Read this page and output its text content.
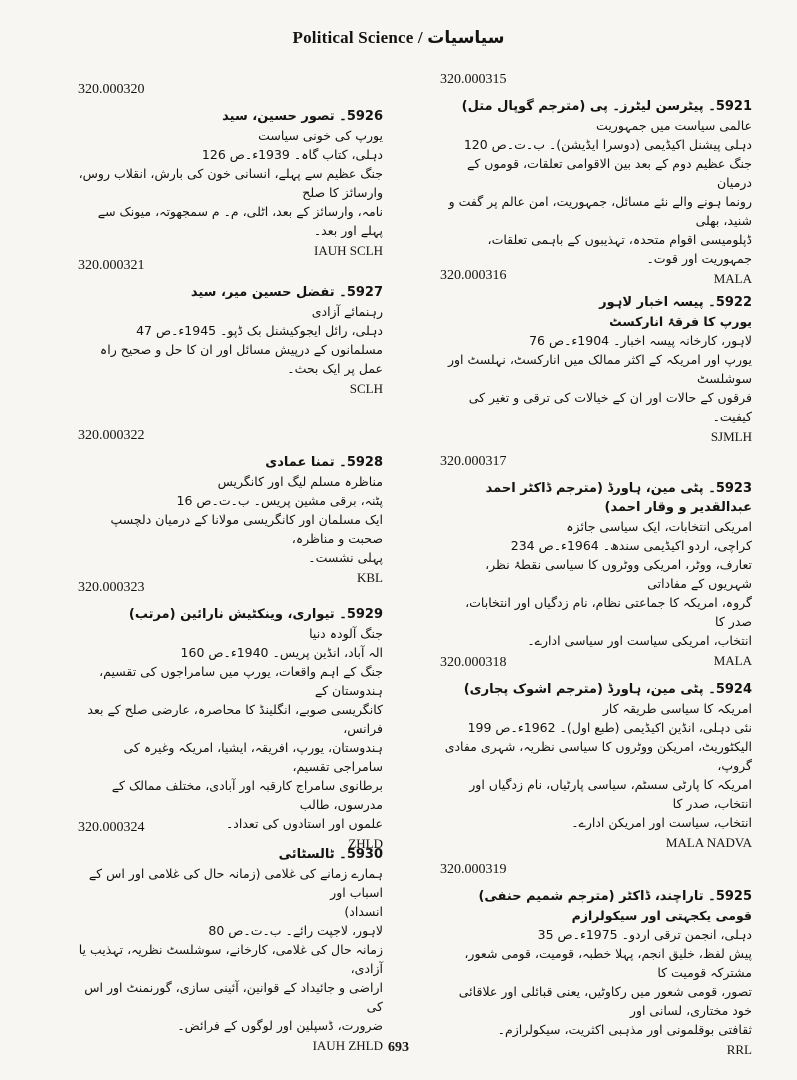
Political Science / سیاسیات
320.000315
5921۔ پیٹرسن لیٹرز۔ پی (مترجم گوپال متل)
عالمی سیاست میں جمہوریت
دہلی پیشنل اکیڈیمی (دوسرا ایڈیشن)۔ ب۔ت۔ص 120
جنگ عظیم دوم کے بعد بین الاقوامی تعلقات، قوموں کے درمیان
رونما ہونے والے نئے مسائل، جمہوریت، امن عالم پر گفت و شنید، بھلی
ڈپلومیسی اقوام متحدہ، تہذیبوں کے باہمی تعلقات، جمہوریت اور قوت۔
MALA
320.000316
5922۔ پیسہ اخبار لاہور
یورپ کا فرقۂ انارکسٹ
لاہور، کارخانہ پیسہ اخبار۔ 1904ء۔ص 76
یورپ اور امریکہ کے اکثر ممالک میں انارکسٹ، نہلسٹ اور سوشلسٹ
فرقوں کے حالات اور ان کے خیالات کی ترقی و تغیر کی کیفیت۔
SJMLH
320.000317
5923۔ پٹی مین، ہاورڈ (مترجم ڈاکٹر احمد عبدالقدیر و وقار احمد)
امریکی انتخابات، ایک سیاسی جائزہ
کراچی، اردو اکیڈیمی سندھ۔ 1964ء۔ص 234
تعارف، ووٹر، امریکی ووٹروں کا سیاسی نقطۂ نظر، شہریوں کے مفاداتی
گروہ، امریکہ کا جماعتی نظام، نام زدگیاں اور انتخابات، صدر کا
انتخاب، امریکی سیاست اور سیاسی ادارے۔
MALA
320.000318
5924۔ پٹی مین، ہاورڈ (مترجم اشوک پجاری)
امریکہ کا سیاسی طریقہ کار
نئی دہلی، انڈین اکیڈیمی (طبع اول)۔ 1962ء۔ص 199
الیکٹوریٹ، امریکن ووٹروں کا سیاسی نظریہ، شہری مفادی گروپ،
امریکہ کا پارٹی سسٹم، سیاسی پارٹیاں، نام زدگیاں اور انتخاب، صدر کا
انتخاب، سیاست اور امریکن ادارے۔
MALA NADVA
320.000319
5925۔ تاراچند، ڈاکٹر (مترجم شمیم حنفی)
قومی یکجہتی اور سیکولرازم
دہلی، انجمن ترقی اردو۔ 1975ء۔ص 35
پیش لفظ، خلیق انجم، پہلا خطبہ، قومیت، قومی شعور، مشترکہ قومیت کا
تصور، قومی شعور میں رکاوٹیں، یعنی قبائلی اور علاقائی خود مختاری، لسانی اور
ثقافتی بوقلمونی اور مذہبی اکثریت، سیکولرازم۔
RRL
320.000320
5926۔ تصور حسین، سید
یورپ کی خونی سیاست
دہلی، کتاب گاہ۔ 1939ء۔ص 126
جنگ عظیم سے پہلے، انسانی خون کی بارش، انقلاب روس، وارسائز کا صلح
نامہ، وارسائز کے بعد، اٹلی، م۔ م سمجھوتہ، میونک سے پہلے اور بعد۔
IAUH SCLH
320.000321
5927۔ تفضل حسین میر، سید
رہنمائے آزادی
دہلی، رائل ایجوکیشنل بک ڈپو۔ 1945ء۔ص 47
مسلمانوں کے درپیش مسائل اور ان کا حل و صحیح راہ عمل پر ایک بحث۔
SCLH
320.000322
5928۔ تمنا عمادی
مناظرہ مسلم لیگ اور کانگریس
پٹنہ، برقی مشین پریس۔ ب۔ت۔ص 16
ایک مسلمان اور کانگریسی مولانا کے درمیان دلچسپ صحبت و مناظرہ،
پہلی نشست۔
KBL
320.000323
5929۔ تیواری، وینکٹیش نارائین (مرتب)
جنگ آلودہ دنیا
الہ آباد، انڈین پریس۔ 1940ء۔ص 160
جنگ کے اہم واقعات، یورپ میں سامراجوں کی تقسیم، ہندوستان کے
کانگریسی صوبے، انگلینڈ کا محاصرہ، عارضی صلح کے بعد فرانس،
ہندوستان، یورپ، افریقہ، ایشیا، امریکہ وغیرہ کی سامراجی تقسیم،
برطانوی سامراج کارقبہ اور آبادی، مختلف ممالک کے مدرسوں، طالب
علموں اور استادوں کی تعداد۔
ZHLD
320.000324
5930۔ ٹالسٹائی
ہمارے زمانے کی غلامی (زمانہ حال کی غلامی اور اس کے اسباب اور
انسداد)
لاہور، لاجپت رائے۔ ب۔ت۔ص 80
زمانہ حال کی غلامی، کارخانے، سوشلسٹ نظریہ، تہذیب یا آزادی،
اراضی و جائیداد کے قوانین، آئینی سازی، گورنمنٹ اور اس کی
ضرورت، ڈسپلین اور لوگوں کے فرائض۔
IAUH ZHLD 693
